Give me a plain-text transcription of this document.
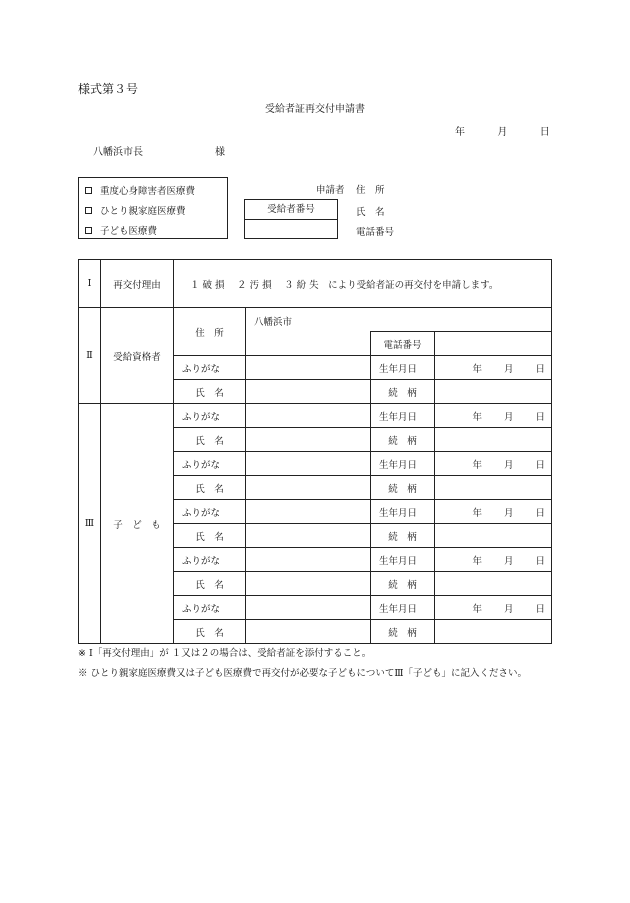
様式第３号
受給者証再交付申請書
年	月	日
八幡浜市長	様
重度心身障害者医療費
ひとり親家庭医療費
子ども医療費
受給者番号
申請者 住　所
氏　名
電話番号
Ⅰ	再交付理由	１ 破 損　 ２ 汚 損　 ３ 紛 失　により受給者証の再交付を申請します。			
Ⅱ	受給資格者	住　所	八幡浜市		
				電話番号	
		ふりがな		生年月日	年 月 日

		氏　名		続　柄	
Ⅲ	子　ど　も	ふりがな		生年月日	年 月 日

		氏　名		続　柄	
		ふりがな		生年月日	年 月 日

		氏　名		続　柄	
		ふりがな		生年月日	年 月 日

		氏　名		続　柄	
		ふりがな		生年月日	年 月 日

		氏　名		続　柄	
		ふりがな		生年月日	年 月 日

		氏　名		続　柄	
※ Ⅰ「再交付理由」が １又は２の場合は、受給者証を添付すること。
※ ひとり親家庭医療費又は子ども医療費で再交付が必要な子どもについてⅢ「子ども」に記入ください。
